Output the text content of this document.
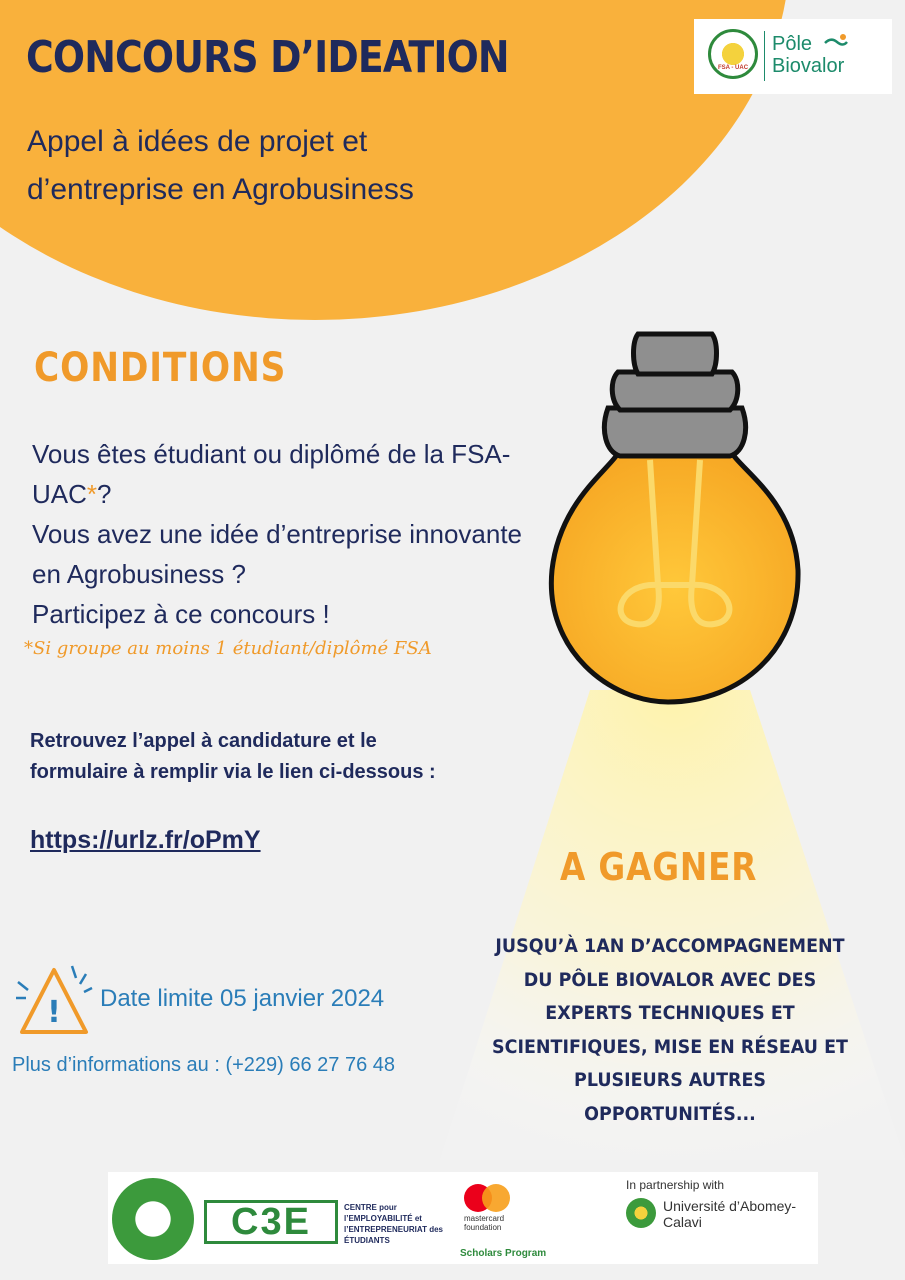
CONCOURS D’IDEATION
Appel à idées de projet et
d’entreprise en Agrobusiness
FSA - UAC
Pôle
Biovalor
CONDITIONS
Vous êtes étudiant ou diplômé de la FSA-UAC*?
Vous avez une idée d’entreprise innovante en Agrobusiness ?
Participez à ce concours !
*Si groupe au moins 1 étudiant/diplômé FSA
Retrouvez l’appel à candidature et le formulaire à remplir via le lien ci-dessous :
https://urlz.fr/oPmY
! Date limite 05 janvier 2024
Plus d’informations au : (+229) 66 27 76 48
A GAGNER
JUSQU’À 1AN D’ACCOMPAGNEMENT DU PÔLE BIOVALOR AVEC DES EXPERTS TECHNIQUES ET SCIENTIFIQUES, MISE EN RÉSEAU ET PLUSIEURS AUTRES OPPORTUNITÉS...
C3E	CENTRE pour l’EMPLOYABILITÉ et l’ENTREPRENEURIAT des ÉTUDIANTS
mastercard foundation
Scholars Program
In partnership with
Université d’Abomey-Calavi
